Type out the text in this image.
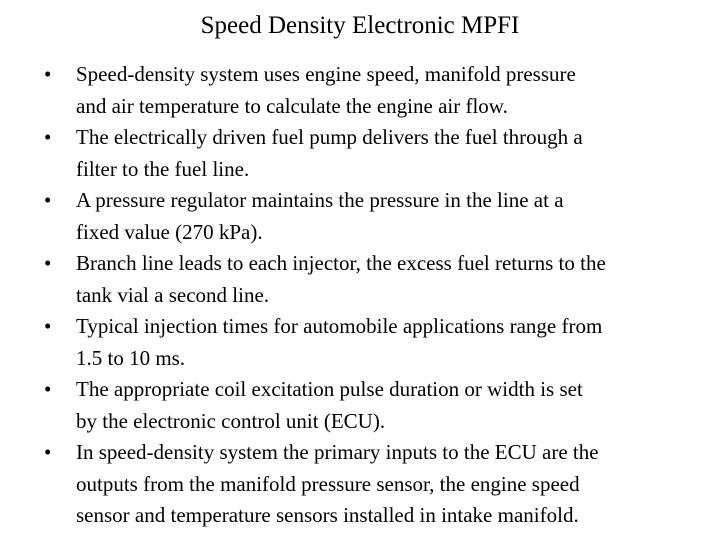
Speed Density Electronic MPFI
•	Speed-density system uses engine speed, manifold pressure
and air temperature to calculate the engine air flow.
•	The electrically driven fuel pump delivers the fuel through a
filter to the fuel line.
•	A pressure regulator maintains the pressure in the line at a
fixed value (270 kPa).
•	Branch line leads to each injector, the excess fuel returns to the
tank vial a second line.
•	Typical injection times for automobile applications range from
1.5 to 10 ms.
•	The appropriate coil excitation pulse duration or width is set
by the electronic control unit (ECU).
•	In speed-density system the primary inputs to the ECU are the
outputs from the manifold pressure sensor, the engine speed
sensor and temperature sensors installed in intake manifold.
